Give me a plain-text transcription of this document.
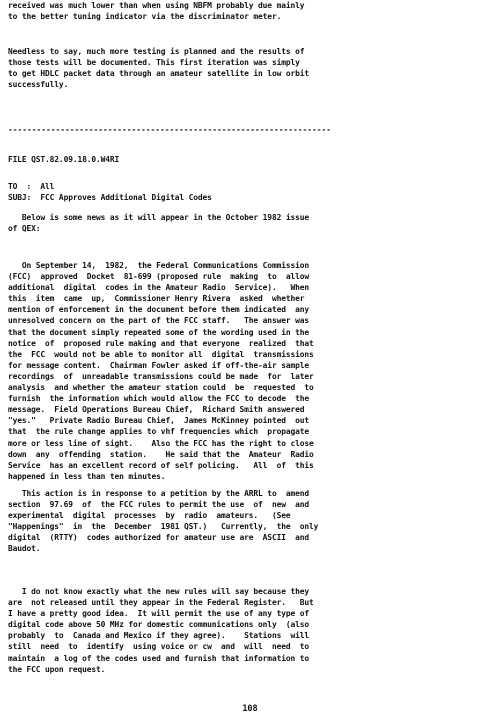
received was much lower than when using NBFM probably due mainly
to the better tuning indicator via the discriminator meter.
Needless to say, much more testing is planned and the results of
those tests will be documented. This first iteration was simply
to get HDLC packet data through an amateur satellite in low orbit
successfully.
--------------------------------------------------------------------
FILE QST.82.09.18.0.W4RI
TO  :  All
SUBJ:  FCC Approves Additional Digital Codes
Below is some news as it will appear in the October 1982 issue
of QEX:
On September 14,  1982,  the Federal Communications Commission
(FCC)  approved  Docket  81-699 (proposed rule  making  to  allow
additional  digital  codes in the Amateur Radio  Service).   When
this  item  came  up,  Commissioner Henry Rivera  asked  whether
mention of enforcement in the document before them indicated  any
unresolved concern on the part of the FCC staff.   The answer was
that the document simply repeated some of the wording used in the
notice  of  proposed rule making and that everyone  realized  that
the  FCC  would not be able to monitor all  digital  transmissions
for message content.  Chairman Fowler asked if off-the-air sample
recordings  of  unreadable transmissions could be made  for  later
analysis  and whether the amateur station could  be  requested  to
furnish  the information which would allow the FCC to decode  the
message.  Field Operations Bureau Chief,  Richard Smith answered
"yes."   Private Radio Bureau Chief,  James McKinney pointed  out
that  the rule change applies to vhf frequencies which  propagate
more or less line of sight.    Also the FCC has the right to close
down  any  offending  station.    He said that the  Amateur  Radio
Service  has an excellent record of self policing.   All  of  this
happened in less than ten minutes.
This action is in response to a petition by the ARRL to  amend
section  97.69  of  the FCC rules to permit the use  of  new  and
experimental  digital  processes  by  radio  amateurs.   (See
"Happenings"  in  the  December  1981 QST.)   Currently,  the  only
digital  (RTTY)  codes authorized for amateur use are  ASCII  and
Baudot.
I do not know exactly what the new rules will say because they
are  not released until they appear in the Federal Register.   But
I have a pretty good idea.  It will permit the use of any type of
digital code above 50 MHz for domestic communications only  (also
probably  to  Canada and Mexico if they agree).    Stations  will
still  need  to  identify  using voice or cw  and  will  need  to
maintain  a log of the codes used and furnish that information to
the FCC upon request.
108
